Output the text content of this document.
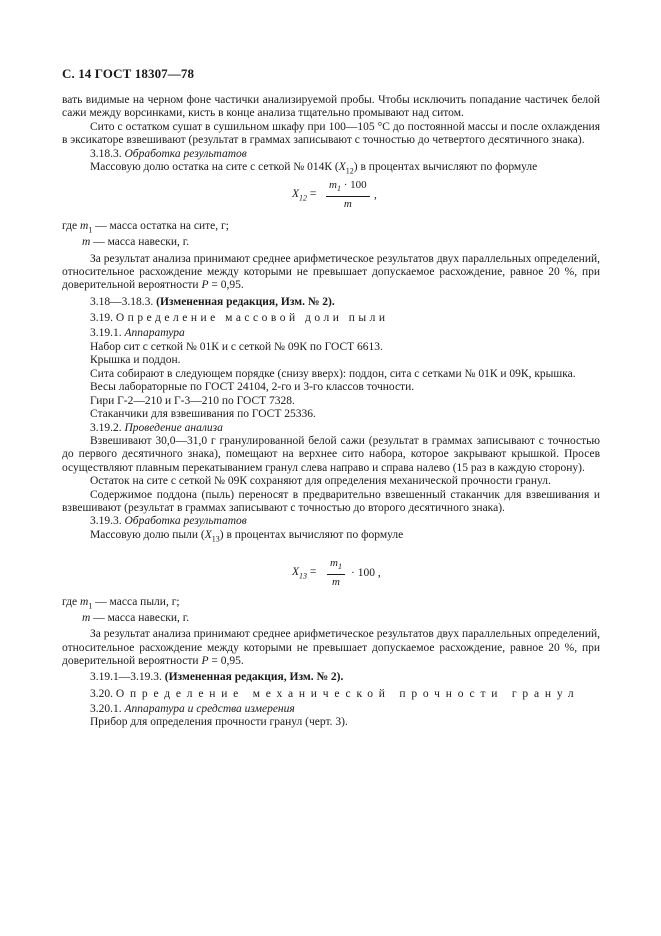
С. 14 ГОСТ 18307—78

вать видимые на черном фоне частички анализируемой пробы. Чтобы исключить попадание частичек белой сажи между ворсинками, кисть в конце анализа тщательно промывают над ситом.

Сито с остатком сушат в сушильном шкафу при 100—105 °С до постоянной массы и после охлаждения в эксикаторе взвешивают (результат в граммах записывают с точностью до четвертого десятичного знака).

3.18.3. Обработка результатов

Массовую долю остатка на сите с сеткой № 014К $(X_{12})$ в процентах вычисляют по формуле

$X_{12} = \frac{m_1 \cdot 100}{m}$ ,

где $m_1$ — масса остатка на сите, г;

m — масса навески, г.

За результат анализа принимают среднее арифметическое результатов двух параллельных определений, относительное расхождение между которыми не превышает допускаемое расхождение, равное 20 %, при доверительной вероятности P = 0,95.

3.18—3.18.3. (Измененная редакция, Изм. № 2).

3.19. Определение массовой доли пыли

3.19.1. Аппаратура

Набор сит с сеткой № 01К и с сеткой № 09К по ГОСТ 6613.

Крышка и поддон.

Сита собирают в следующем порядке (снизу вверх): поддон, сита с сетками № 01К и 09К, крышка.

Весы лабораторные по ГОСТ 24104, 2-го и 3-го классов точности.

Гири Г-2—210 и Г-3—210 по ГОСТ 7328.

Стаканчики для взвешивания по ГОСТ 25336.

3.19.2. Проведение анализа

Взвешивают 30,0—31,0 г гранулированной белой сажи (результат в граммах записывают с точностью до первого десятичного знака), помещают на верхнее сито набора, которое закрывают крышкой. Просев осуществляют плавным перекатыванием гранул слева направо и справа налево (15 раз в каждую сторону).

Остаток на сите с сеткой № 09К сохраняют для определения механической прочности гранул.

Содержимое поддона (пыль) переносят в предварительно взвешенный стаканчик для взвешивания и взвешивают (результат в граммах записывают с точностью до второго десятичного знака).

3.19.3. Обработка результатов

Массовую долю пыли $(X_{13})$ в процентах вычисляют по формуле

$X_{13} = \frac{m_1}{m} \cdot 100$ ,

где $m_1$ — масса пыли, г;

m — масса навески, г.

За результат анализа принимают среднее арифметическое результатов двух параллельных определений, относительное расхождение между которыми не превышает допускаемое расхождение, равное 20 %, при доверительной вероятности P = 0,95.

3.19.1—3.19.3. (Измененная редакция, Изм. № 2).

3.20. Определение механической прочности гранул

3.20.1. Аппаратура и средства измерения

Прибор для определения прочности гранул (черт. 3).
